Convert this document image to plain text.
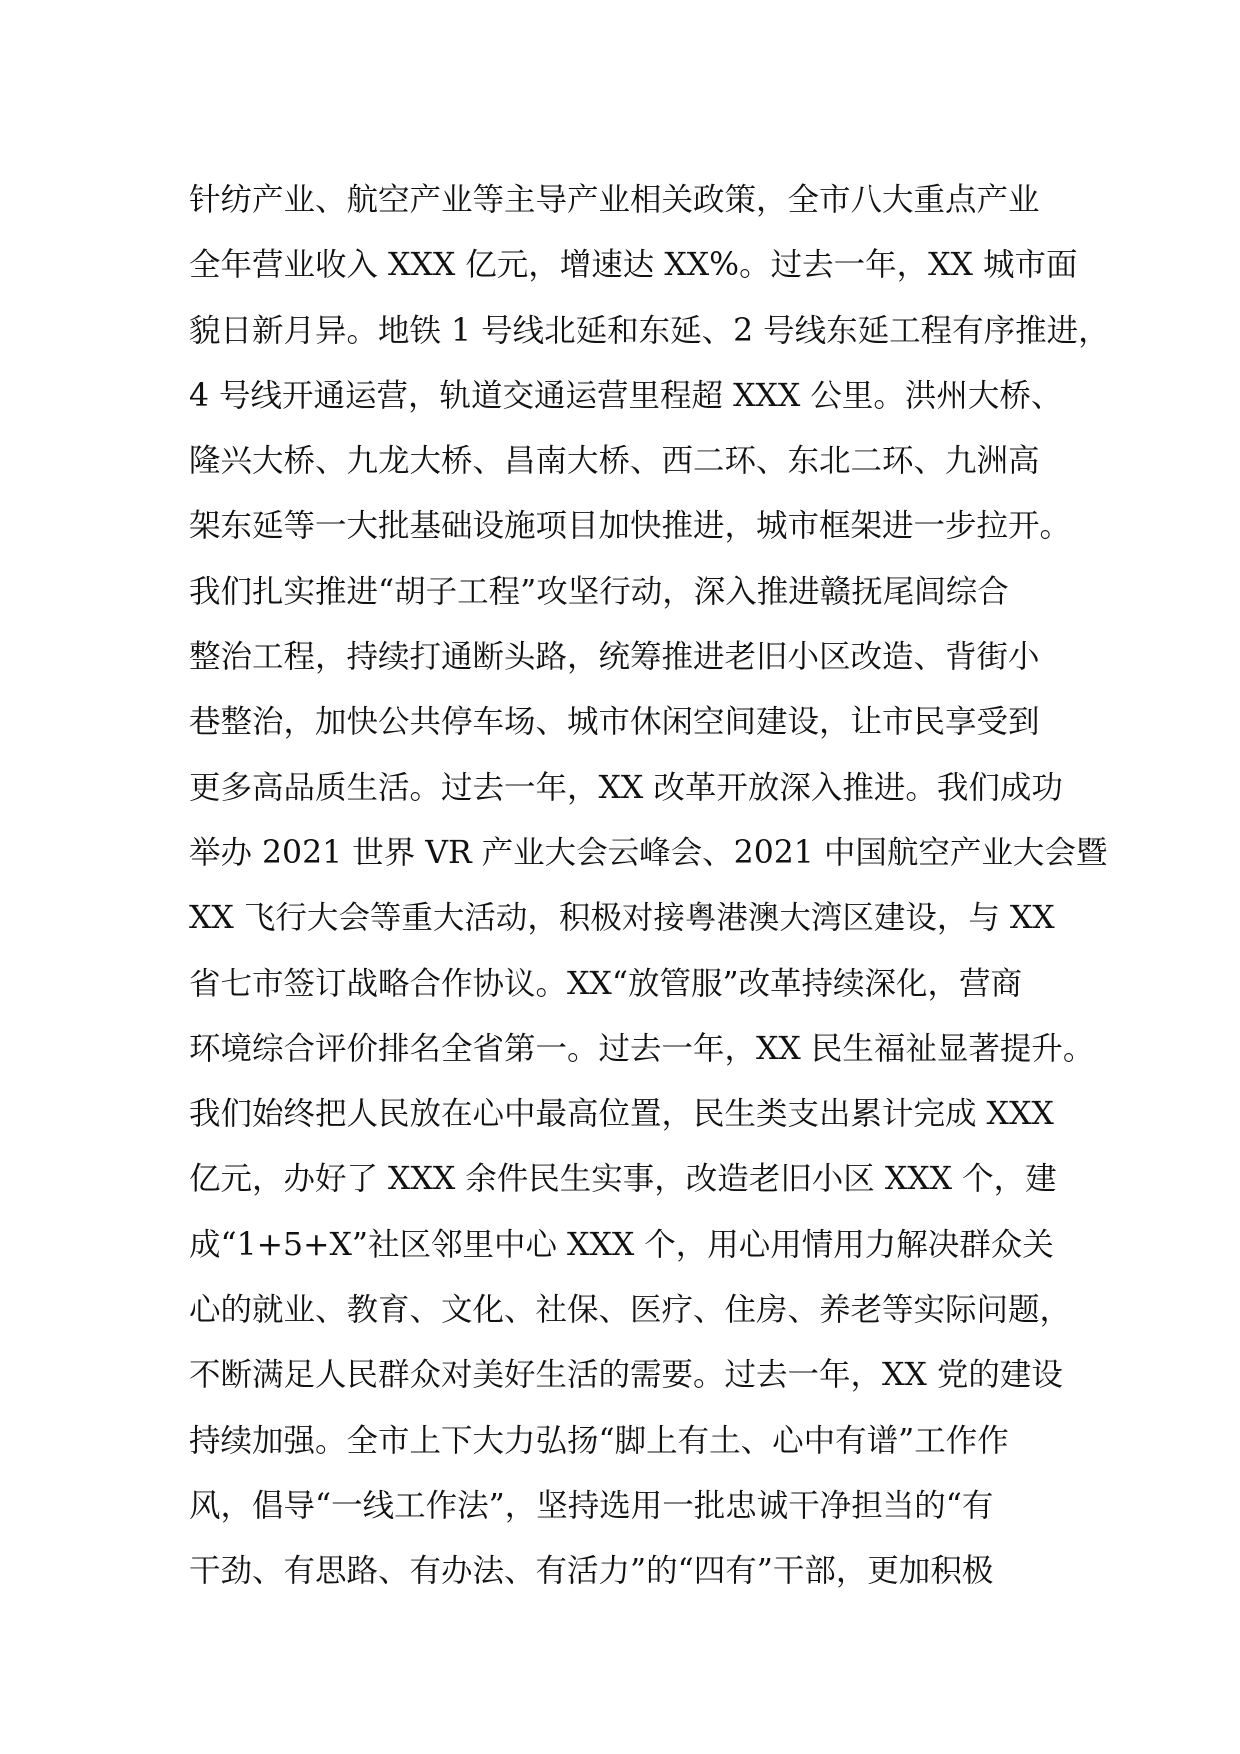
针纺产业、航空产业等主导产业相关政策，全市八大重点产业
全年营业收入 XXX 亿元，增速达 XX%。过去一年，XX 城市面
貌日新月异。地铁 1 号线北延和东延、2 号线东延工程有序推进，
4 号线开通运营，轨道交通运营里程超 XXX 公里。洪州大桥、
隆兴大桥、九龙大桥、昌南大桥、西二环、东北二环、九洲高
架东延等一大批基础设施项目加快推进，城市框架进一步拉开。
我们扎实推进“胡子工程”攻坚行动，深入推进赣抚尾闾综合
整治工程，持续打通断头路，统筹推进老旧小区改造、背街小
巷整治，加快公共停车场、城市休闲空间建设，让市民享受到
更多高品质生活。过去一年，XX 改革开放深入推进。我们成功
举办 2021 世界 VR 产业大会云峰会、2021 中国航空产业大会暨
XX 飞行大会等重大活动，积极对接粤港澳大湾区建设，与 XX
省七市签订战略合作协议。XX“放管服”改革持续深化，营商
环境综合评价排名全省第一。过去一年，XX 民生福祉显著提升。
我们始终把人民放在心中最高位置，民生类支出累计完成 XXX
亿元，办好了 XXX 余件民生实事，改造老旧小区 XXX 个，建
成“1+5+X”社区邻里中心 XXX 个，用心用情用力解决群众关
心的就业、教育、文化、社保、医疗、住房、养老等实际问题，
不断满足人民群众对美好生活的需要。过去一年，XX 党的建设
持续加强。全市上下大力弘扬“脚上有土、心中有谱”工作作
风，倡导“一线工作法”，坚持选用一批忠诚干净担当的“有
干劲、有思路、有办法、有活力”的“四有”干部，更加积极
